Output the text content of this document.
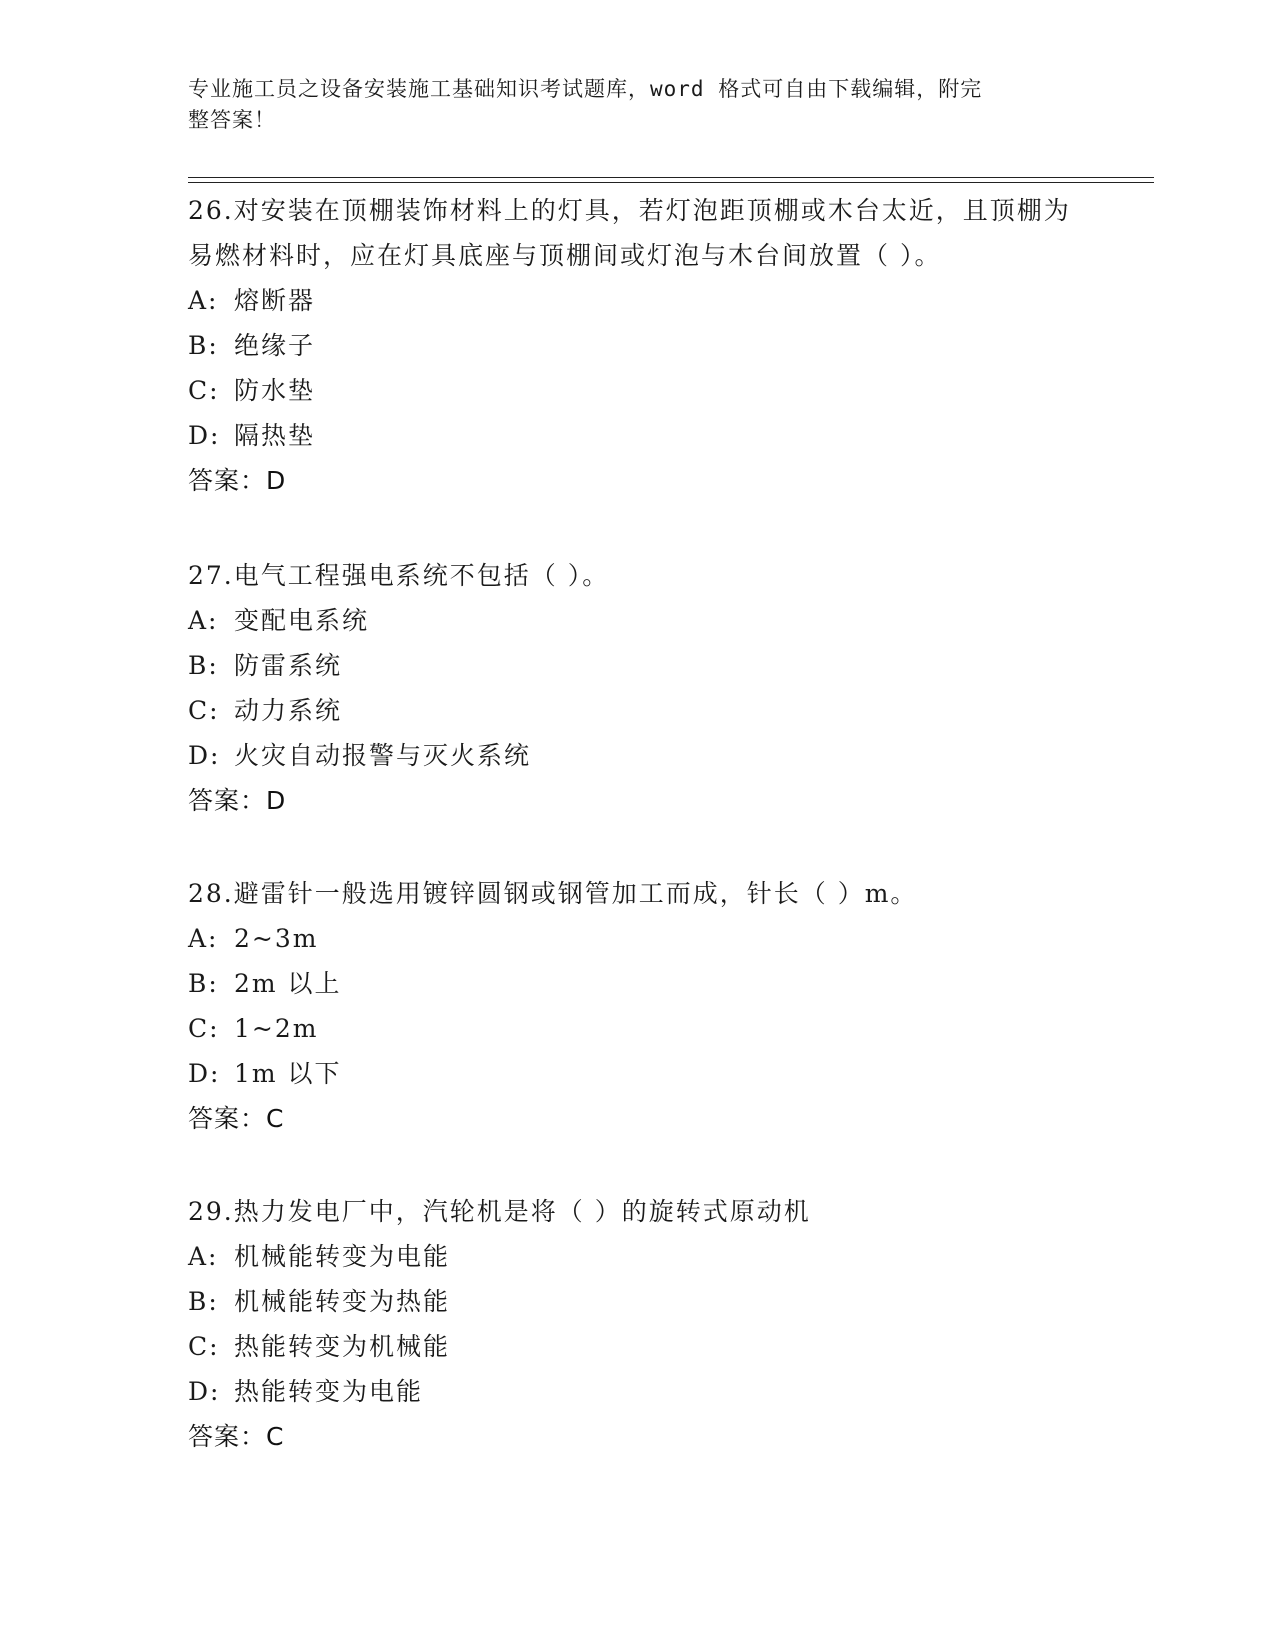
专业施工员之设备安装施工基础知识考试题库，word 格式可自由下载编辑，附完
整答案！

26.对安装在顶棚装饰材料上的灯具，若灯泡距顶棚或木台太近，且顶棚为易燃材料时，应在灯具底座与顶棚间或灯泡与木台间放置（ ）。

A: 熔断器

B: 绝缘子

C: 防水垫

D: 隔热垫

答案：D

27.电气工程强电系统不包括（ ）。

A: 变配电系统

B: 防雷系统

C: 动力系统

D: 火灾自动报警与灭火系统

答案：D

28.避雷针一般选用镀锌圆钢或钢管加工而成，针长（ ）m。

A: 2~3m

B: 2m 以上

C: 1~2m

D: 1m 以下

答案：C

29.热力发电厂中，汽轮机是将（ ）的旋转式原动机

A: 机械能转变为电能

B: 机械能转变为热能

C: 热能转变为机械能

D: 热能转变为电能

答案：C
